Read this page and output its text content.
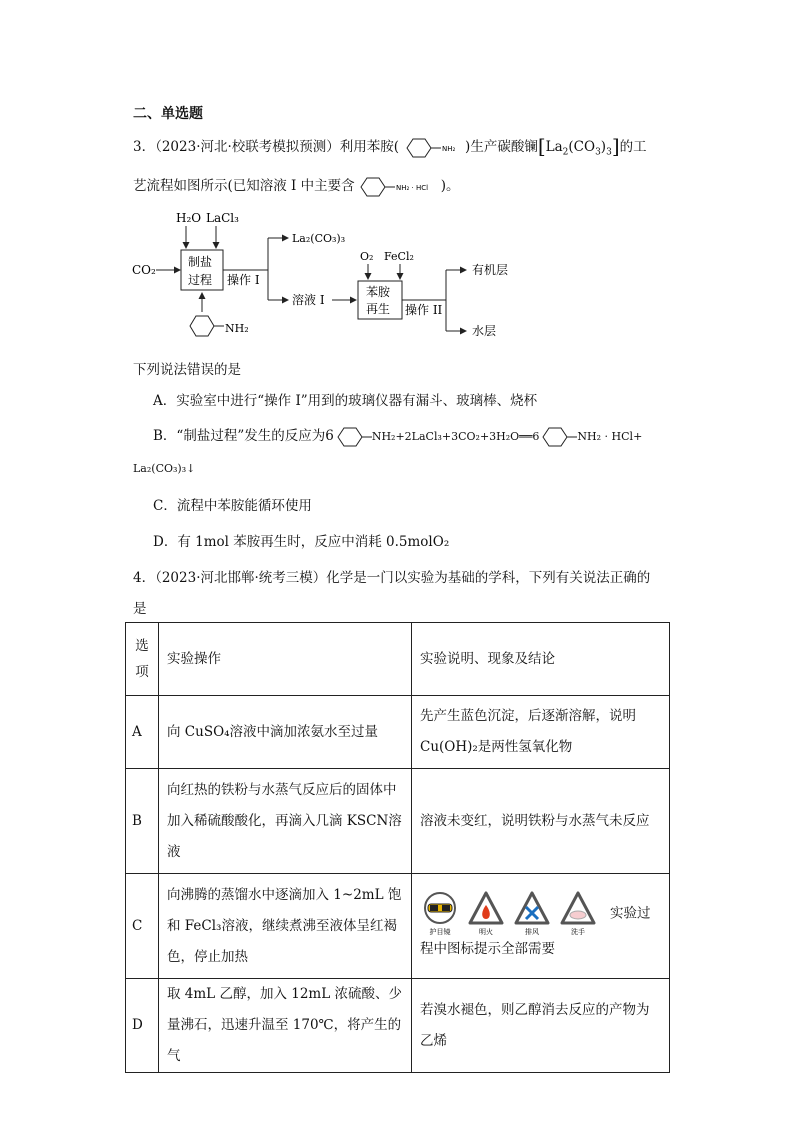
二、单选题
3．（2023·河北·校联考模拟预测）利用苯胺(	NH₂ )生产碳酸镧$[La_2(CO_3)_3]$的工
艺流程如图所示(已知溶液 I 中主要含	NH₂ · HCl )。
CO₂
H₂O LaCl₃
制盐
过程
NH₂
操作 I
La₂(CO₃)₃
溶液 I
O₂ FeCl₂
苯胺
再生 操作 II
有机层
水层
下列说法错误的是
A．实验室中进行“操作 I”用到的玻璃仪器有漏斗、玻璃棒、烧杯
B．“制盐过程”发生的反应为6	NH₂+2LaCl₃+3CO₂+3H₂O══6	NH₂ · HCl+
La₂(CO₃)₃↓
C．流程中苯胺能循环使用
D．有 1mol 苯胺再生时，反应中消耗 0.5molO₂
4．（2023·河北邯郸·统考三模）化学是一门以实验为基础的学科，下列有关说法正确的
是
选项	实验操作	实验说明、现象及结论
A	向 CuSO₄溶液中滴加浓氨水至过量	先产生蓝色沉淀，后逐渐溶解，说明Cu(OH)₂是两性氢氧化物
B	向红热的铁粉与水蒸气反应后的固体中加入稀硫酸酸化，再滴入几滴 KSCN溶液	溶液未变红，说明铁粉与水蒸气未反应
C	向沸腾的蒸馏水中逐滴加入 1~2mL 饱和 FeCl₃溶液，继续煮沸至液体呈红褐色，停止加热	护目镜 明火 排风 洗手
实验过程中图标提示全部需要
D	取 4mL 乙醇，加入 12mL 浓硫酸、少量沸石，迅速升温至 170℃，将产生的气	若溴水褪色，则乙醇消去反应的产物为乙烯
